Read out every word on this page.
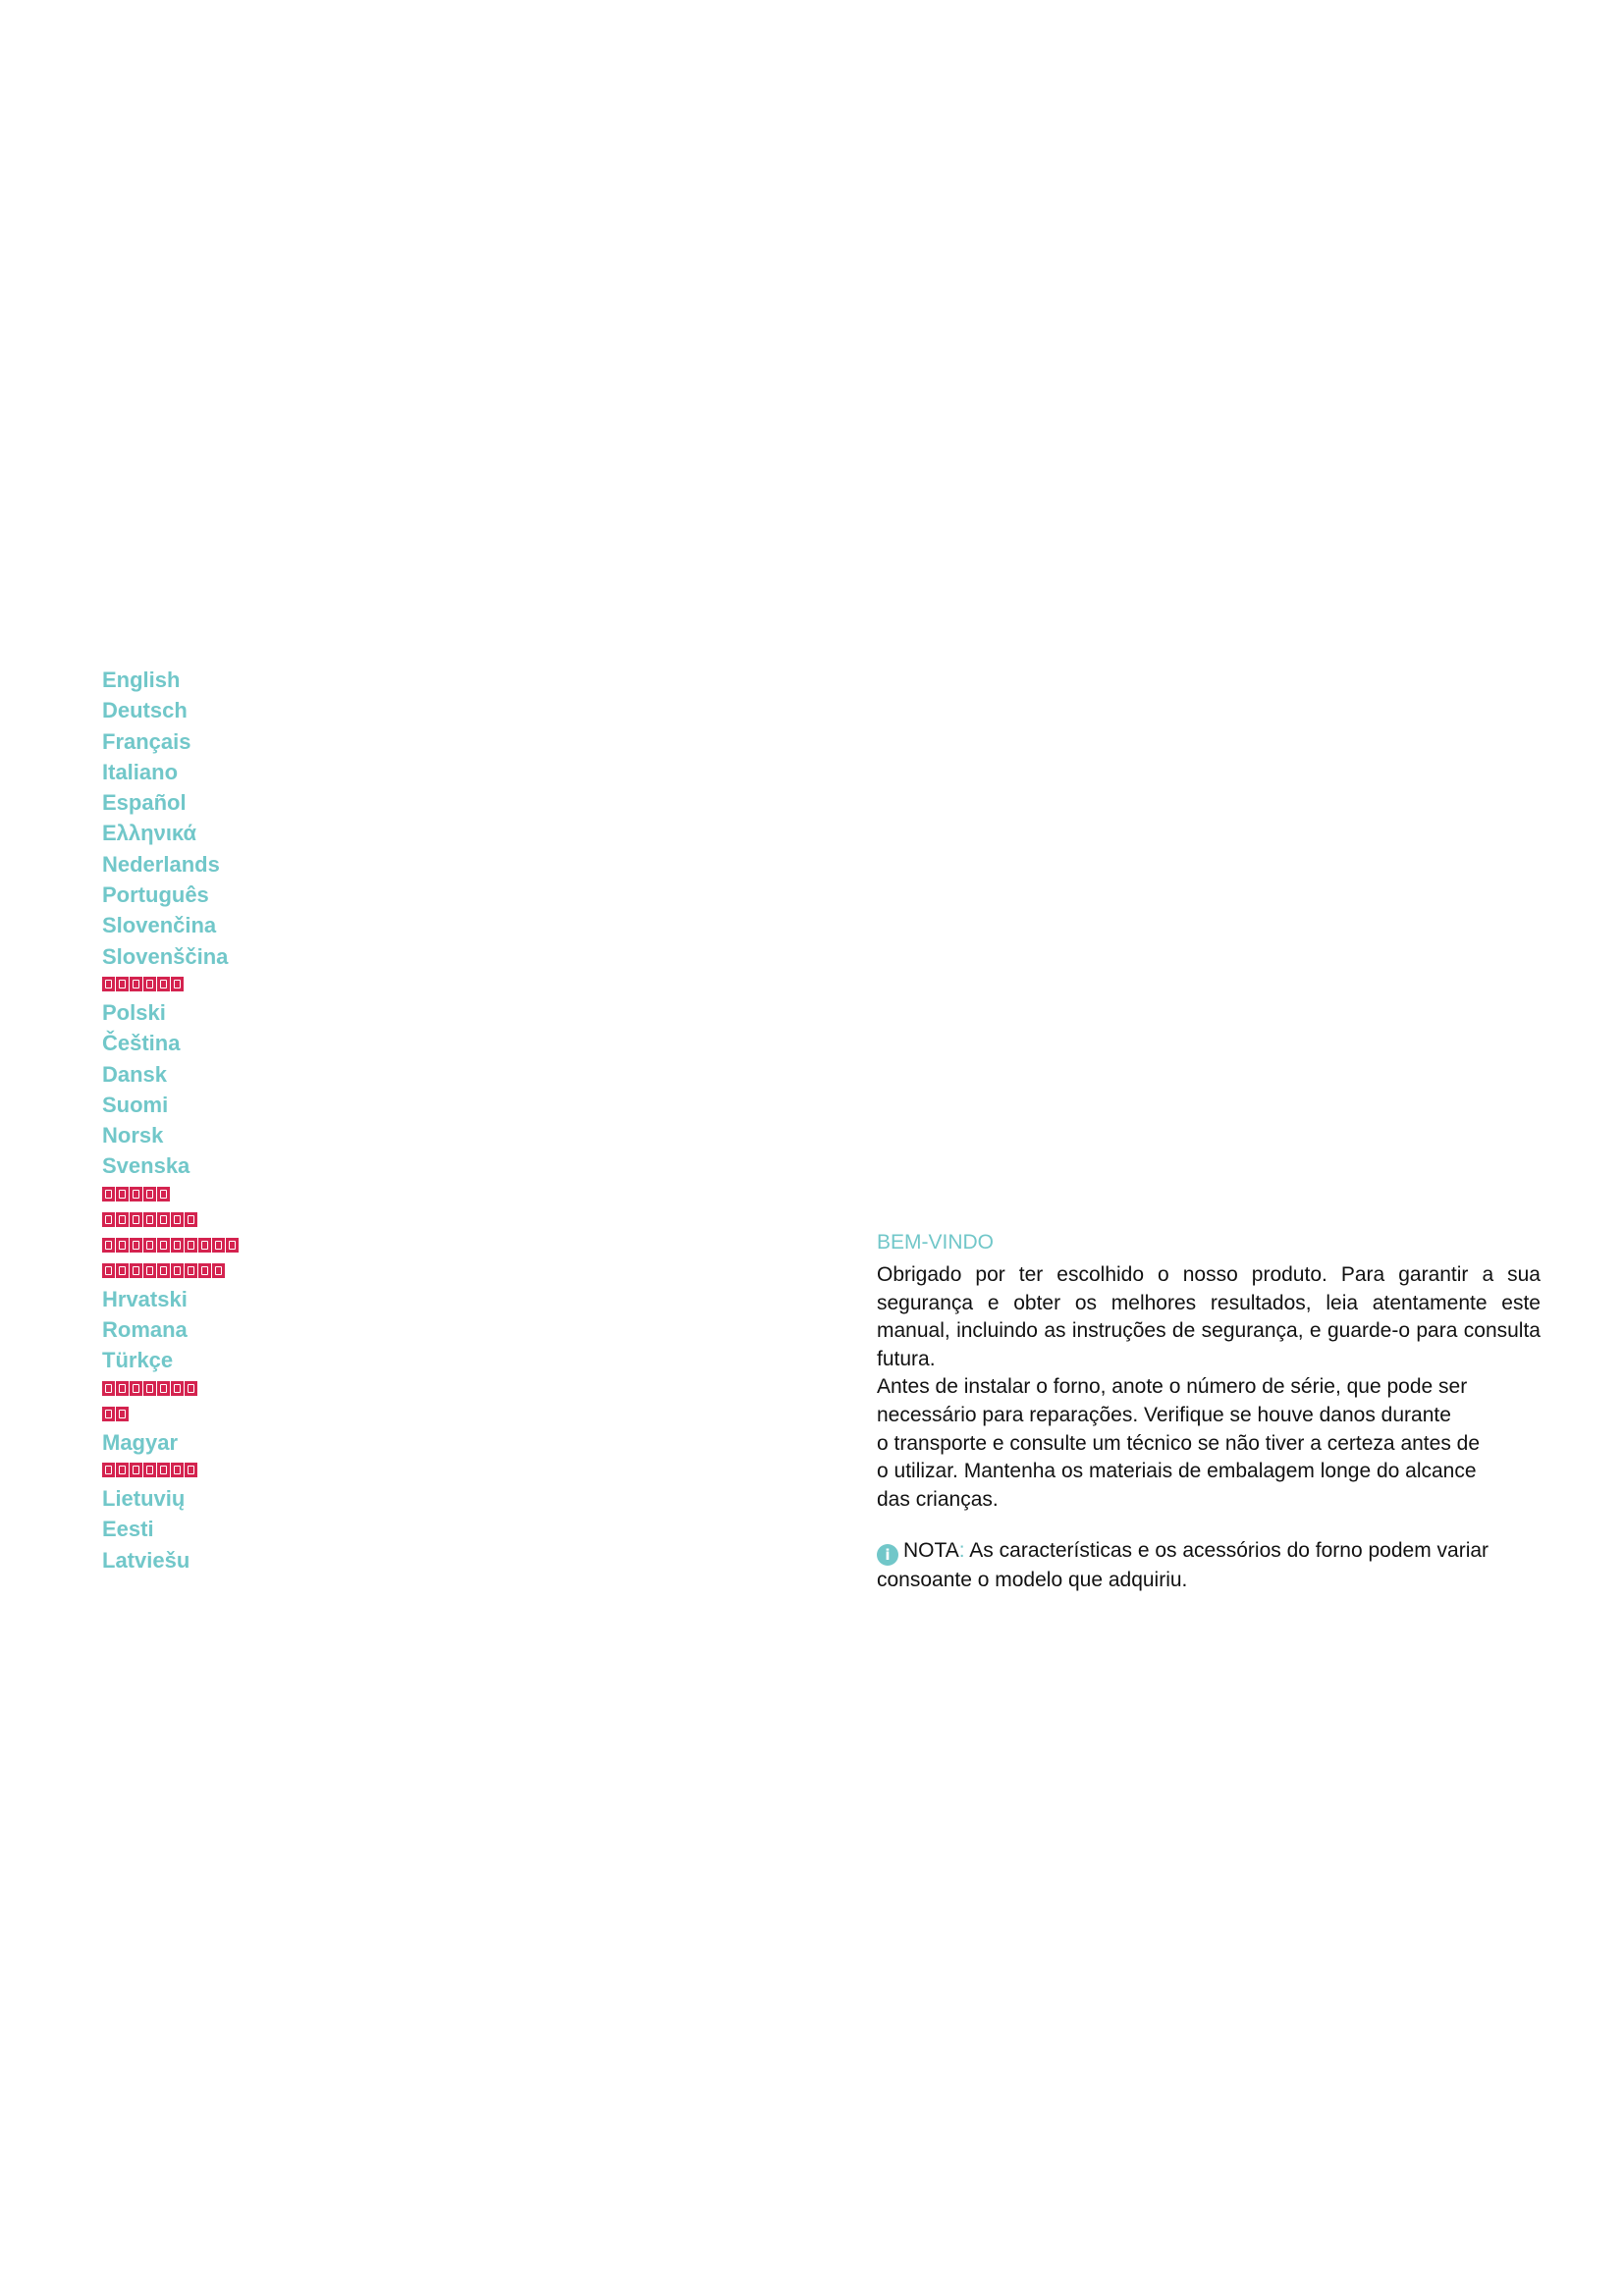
English
Deutsch
Français
Italiano
Español
Ελληνικά
Nederlands
Português
Slovenčina
Slovenščina
Polski
Čeština
Dansk
Suomi
Norsk
Svenska
Hrvatski
Romana
Türkçe
Magyar
Lietuvių
Eesti
Latviešu
BEM-VINDO

Obrigado por ter escolhido o nosso produto. Para garantir a sua segurança e obter os melhores resultados, leia atentamente este manual, incluindo as instruções de segurança, e guarde-o para consulta futura.

Antes de instalar o forno, anote o número de série, que pode ser
necessário para reparações. Verifique se houve danos durante
o transporte e consulte um técnico se não tiver a certeza antes de
o utilizar. Mantenha os materiais de embalagem longe do alcance
das crianças.

i NOTA: As características e os acessórios do forno podem variar consoante o modelo que adquiriu.
